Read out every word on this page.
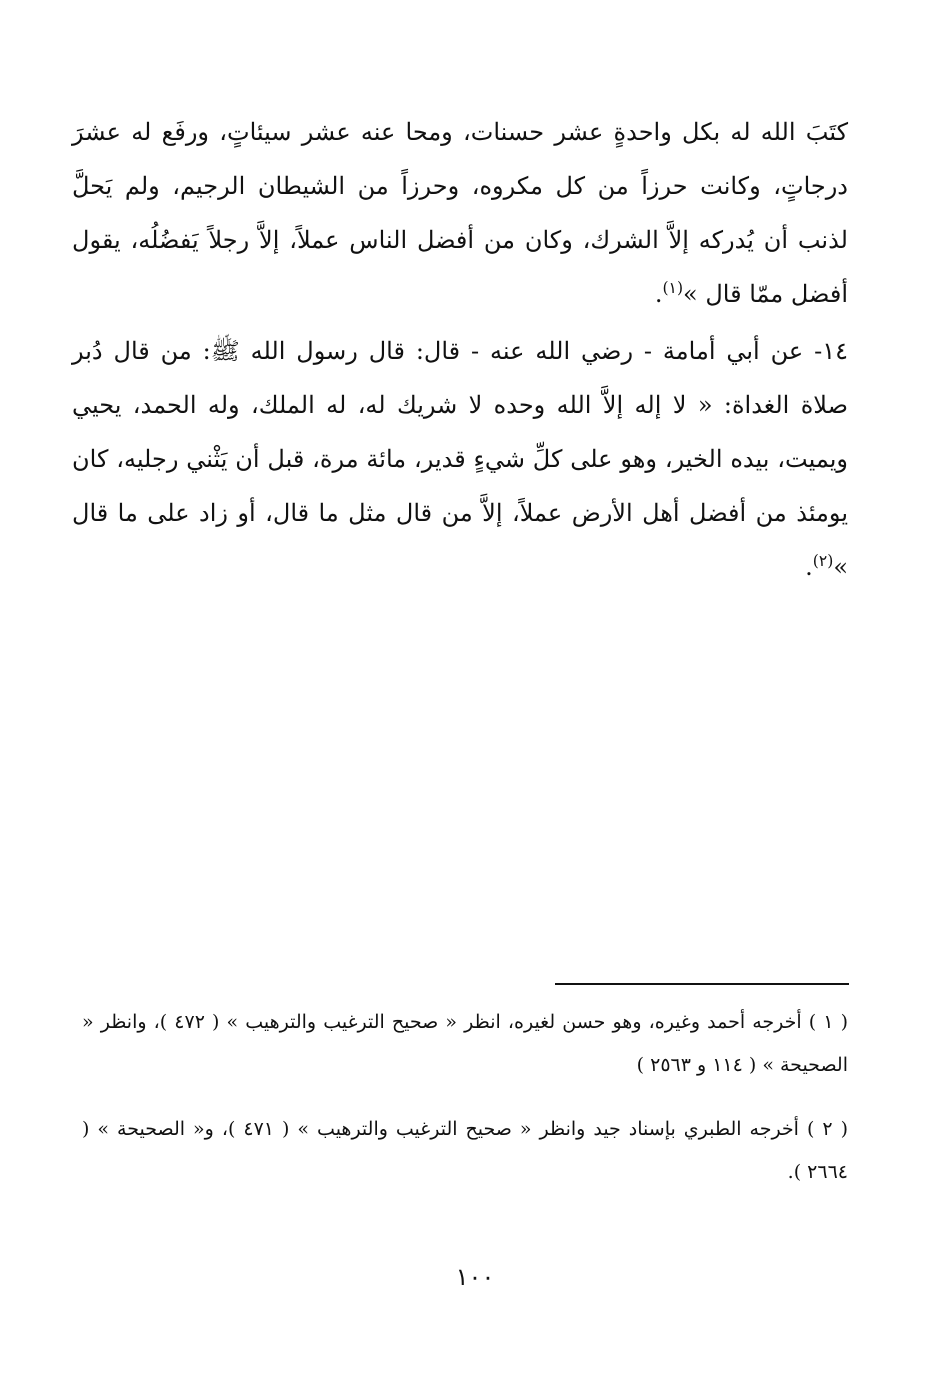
كتَبَ الله له بكل واحدةٍ عشر حسنات، ومحا عنه عشر سيئاتٍ، ورفَع له عشرَ درجاتٍ، وكانت حرزاً من كل مكروه، وحرزاً من الشيطان الرجيم، ولم يَحلَّ لذنب أن يُدركه إلاَّ الشرك، وكان من أفضل الناس عملاً، إلاَّ رجلاً يَفضُلُه، يقول أفضل ممّا قال »$^{(١)}$.

١٤- عن أبي أمامة - رضي الله عنه - قال: قال رسول الله ﷺ: من قال دُبر صلاة الغداة: « لا إله إلاَّ الله وحده لا شريك له، له الملك، وله الحمد، يحيي ويميت، بيده الخير، وهو على كلِّ شيءٍ قدير، مائة مرة، قبل أن يَثْني رجليه، كان يومئذ من أفضل أهل الأرض عملاً، إلاَّ من قال مثل ما قال، أو زاد على ما قال »$^{(٢)}$.

( ١ ) أخرجه أحمد وغيره، وهو حسن لغيره، انظر « صحيح الترغيب والترهيب » ( ٤٧٢ )، وانظر « الصحيحة » ( ١١٤ و ٢٥٦٣ )

( ٢ ) أخرجه الطبري بإسناد جيد وانظر « صحيح الترغيب والترهيب » ( ٤٧١ )، و« الصحيحة » ( ٢٦٦٤ ).

١٠٠
